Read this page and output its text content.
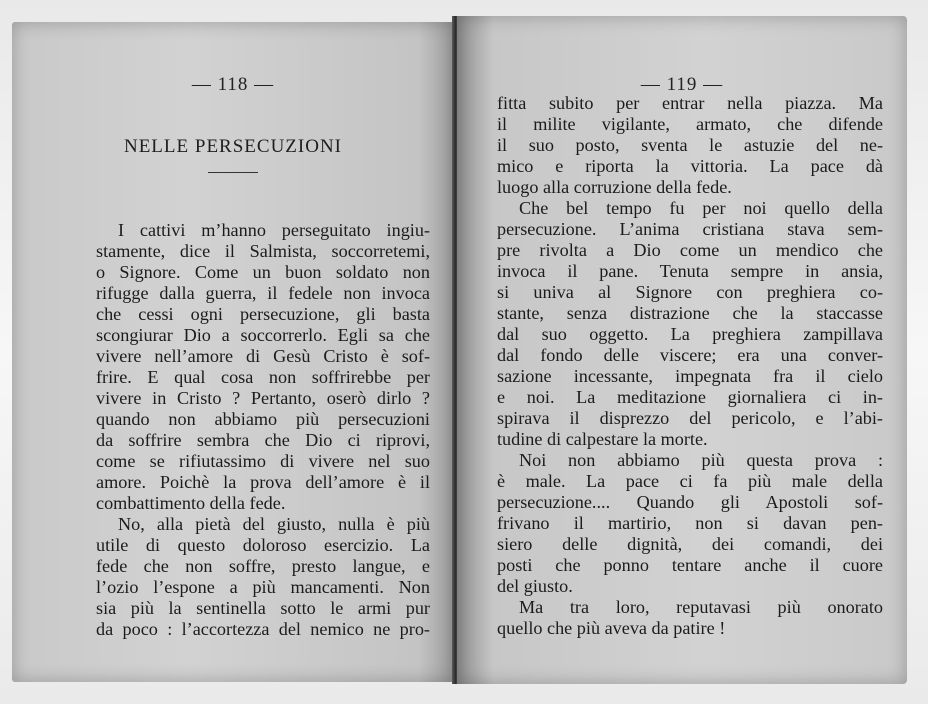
— 118 —
NELLE PERSECUZIONI
I cattivi m’hanno perseguitato ingiu-
stamente, dice il Salmista, soccorretemi,
o Signore. Come un buon soldato non
rifugge dalla guerra, il fedele non invoca
che cessi ogni persecuzione, gli basta
scongiurar Dio a soccorrerlo. Egli sa che
vivere nell’amore di Gesù Cristo è sof-
frire. E qual cosa non soffrirebbe per
vivere in Cristo ? Pertanto, oserò dirlo ?
quando non abbiamo più persecuzioni
da soffrire sembra che Dio ci riprovi,
come se rifiutassimo di vivere nel suo
amore. Poichè la prova dell’amore è il
combattimento della fede.
No, alla pietà del giusto, nulla è più
utile di questo doloroso esercizio. La
fede che non soffre, presto langue, e
l’ozio l’espone a più mancamenti. Non
sia più la sentinella sotto le armi pur
da poco : l’accortezza del nemico ne pro-
— 119 —
fitta subito per entrar nella piazza. Ma
il milite vigilante, armato, che difende
il suo posto, sventa le astuzie del ne-
mico e riporta la vittoria. La pace dà
luogo alla corruzione della fede.
Che bel tempo fu per noi quello della
persecuzione. L’anima cristiana stava sem-
pre rivolta a Dio come un mendico che
invoca il pane. Tenuta sempre in ansia,
si univa al Signore con preghiera co-
stante, senza distrazione che la staccasse
dal suo oggetto. La preghiera zampillava
dal fondo delle viscere; era una conver-
sazione incessante, impegnata fra il cielo
e noi. La meditazione giornaliera ci in-
spirava il disprezzo del pericolo, e l’abi-
tudine di calpestare la morte.
Noi non abbiamo più questa prova :
è male. La pace ci fa più male della
persecuzione.... Quando gli Apostoli sof-
frivano il martirio, non si davan pen-
siero delle dignità, dei comandi, dei
posti che ponno tentare anche il cuore
del giusto.
Ma tra loro, reputavasi più onorato
quello che più aveva da patire !
